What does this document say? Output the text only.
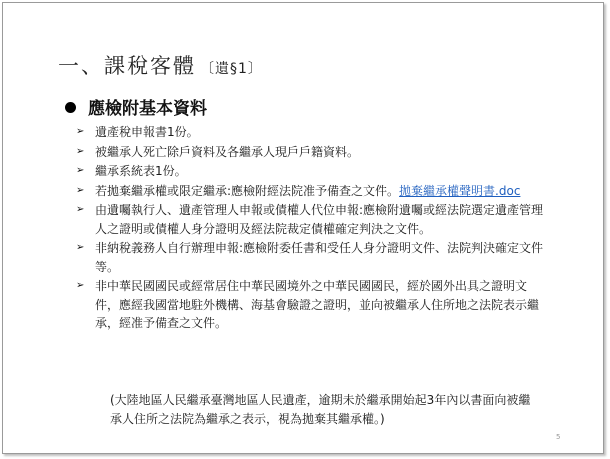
一、課稅客體 〔遺§1〕
應檢附基本資料
➢ 遺產稅申報書1份。
➢ 被繼承人死亡除戶資料及各繼承人現戶戶籍資料。
➢ 繼承系統表1份。
➢ 若拋棄繼承權或限定繼承:應檢附經法院准予備查之文件。拋棄繼承權聲明書.doc
➢ 由遺囑執行人、遺產管理人申報或債權人代位申報:應檢附遺囑或經法院選定遺產管理人之證明或債權人身分證明及經法院裁定債權確定判決之文件。
➢ 非納稅義務人自行辦理申報:應檢附委任書和受任人身分證明文件、法院判決確定文件等。
➢ 非中華民國國民或經常居住中華民國境外之中華民國國民，經於國外出具之證明文件，應經我國當地駐外機構、海基會驗證之證明，並向被繼承人住所地之法院表示繼承，經准予備查之文件。
(大陸地區人民繼承臺灣地區人民遺產，逾期未於繼承開始起3年內以書面向被繼承人住所之法院為繼承之表示，視為拋棄其繼承權。)
5
